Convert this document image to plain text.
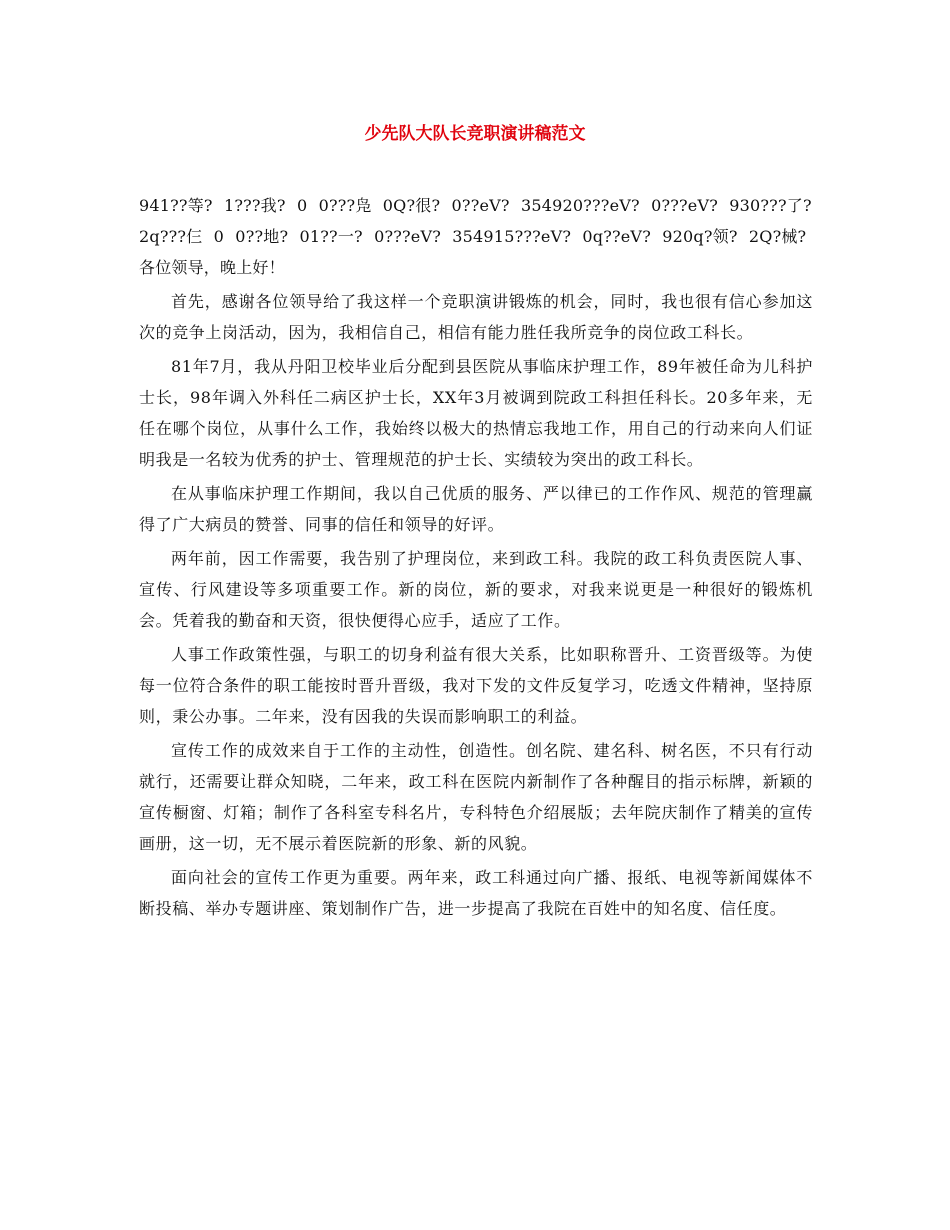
少先队大队长竞职演讲稿范文

941??等? 1???我? 0 0???凫 0Q?很? 0??eV? 354920???eV? 0???eV? 930???了? 2q???仨 0 0??地? 01??一? 0???eV? 354915???eV? 0q??eV? 920q?领? 2Q?械? 各位领导，晚上好！

首先，感谢各位领导给了我这样一个竞职演讲锻炼的机会，同时，我也很有信心参加这次的竞争上岗活动，因为，我相信自己，相信有能力胜任我所竞争的岗位政工科长。

81年7月，我从丹阳卫校毕业后分配到县医院从事临床护理工作，89年被任命为儿科护士长，98年调入外科任二病区护士长，XX年3月被调到院政工科担任科长。20多年来，无任在哪个岗位，从事什么工作，我始终以极大的热情忘我地工作，用自己的行动来向人们证明我是一名较为优秀的护士、管理规范的护士长、实绩较为突出的政工科长。

在从事临床护理工作期间，我以自己优质的服务、严以律已的工作作风、规范的管理赢得了广大病员的赞誉、同事的信任和领导的好评。

两年前，因工作需要，我告别了护理岗位，来到政工科。我院的政工科负责医院人事、宣传、行风建设等多项重要工作。新的岗位，新的要求，对我来说更是一种很好的锻炼机会。凭着我的勤奋和天资，很快便得心应手，适应了工作。

人事工作政策性强，与职工的切身利益有很大关系，比如职称晋升、工资晋级等。为使每一位符合条件的职工能按时晋升晋级，我对下发的文件反复学习，吃透文件精神，坚持原则，秉公办事。二年来，没有因我的失误而影响职工的利益。

宣传工作的成效来自于工作的主动性，创造性。创名院、建名科、树名医，不只有行动就行，还需要让群众知晓，二年来，政工科在医院内新制作了各种醒目的指示标牌，新颖的宣传橱窗、灯箱；制作了各科室专科名片，专科特色介绍展版；去年院庆制作了精美的宣传画册，这一切，无不展示着医院新的形象、新的风貌。

面向社会的宣传工作更为重要。两年来，政工科通过向广播、报纸、电视等新闻媒体不断投稿、举办专题讲座、策划制作广告，进一步提高了我院在百姓中的知名度、信任度。
